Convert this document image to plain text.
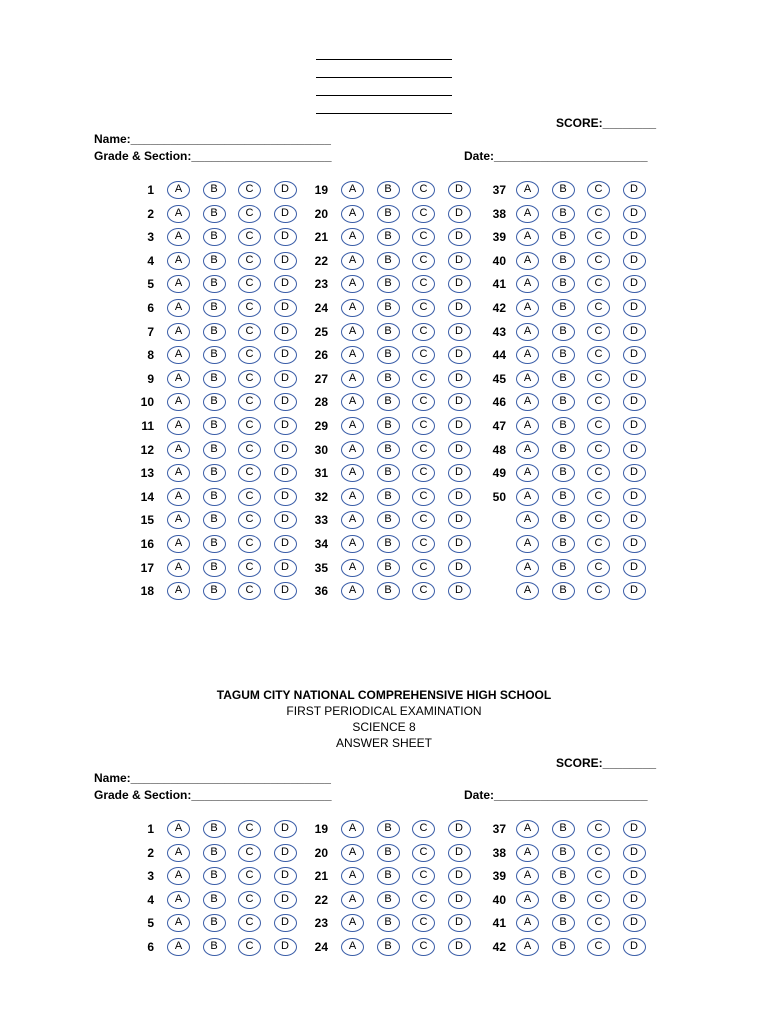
SCORE:________
Name:______________________________
Grade & Section:_____________________	Date:_______________________
1	A	B	C	D
2	A	B	C	D
3	A	B	C	D
4	A	B	C	D
5	A	B	C	D
6	A	B	C	D
7	A	B	C	D
8	A	B	C	D
9	A	B	C	D
10	A	B	C	D
11	A	B	C	D
12	A	B	C	D
13	A	B	C	D
14	A	B	C	D
15	A	B	C	D
16	A	B	C	D
17	A	B	C	D
18	A	B	C	D
19	A	B	C	D
20	A	B	C	D
21	A	B	C	D
22	A	B	C	D
23	A	B	C	D
24	A	B	C	D
25	A	B	C	D
26	A	B	C	D
27	A	B	C	D
28	A	B	C	D
29	A	B	C	D
30	A	B	C	D
31	A	B	C	D
32	A	B	C	D
33	A	B	C	D
34	A	B	C	D
35	A	B	C	D
36	A	B	C	D
37	A	B	C	D
38	A	B	C	D
39	A	B	C	D
40	A	B	C	D
41	A	B	C	D
42	A	B	C	D
43	A	B	C	D
44	A	B	C	D
45	A	B	C	D
46	A	B	C	D
47	A	B	C	D
48	A	B	C	D
49	A	B	C	D
50	A	B	C	D
A	B	C	D
A	B	C	D
A	B	C	D
A	B	C	D
TAGUM CITY NATIONAL COMPREHENSIVE HIGH SCHOOL
FIRST PERIODICAL EXAMINATION
SCIENCE 8
ANSWER SHEET
SCORE:________
Name:______________________________
Grade & Section:_____________________	Date:_______________________
1	A	B	C	D
2	A	B	C	D
3	A	B	C	D
4	A	B	C	D
5	A	B	C	D
6	A	B	C	D
19	A	B	C	D
20	A	B	C	D
21	A	B	C	D
22	A	B	C	D
23	A	B	C	D
24	A	B	C	D
37	A	B	C	D
38	A	B	C	D
39	A	B	C	D
40	A	B	C	D
41	A	B	C	D
42	A	B	C	D
